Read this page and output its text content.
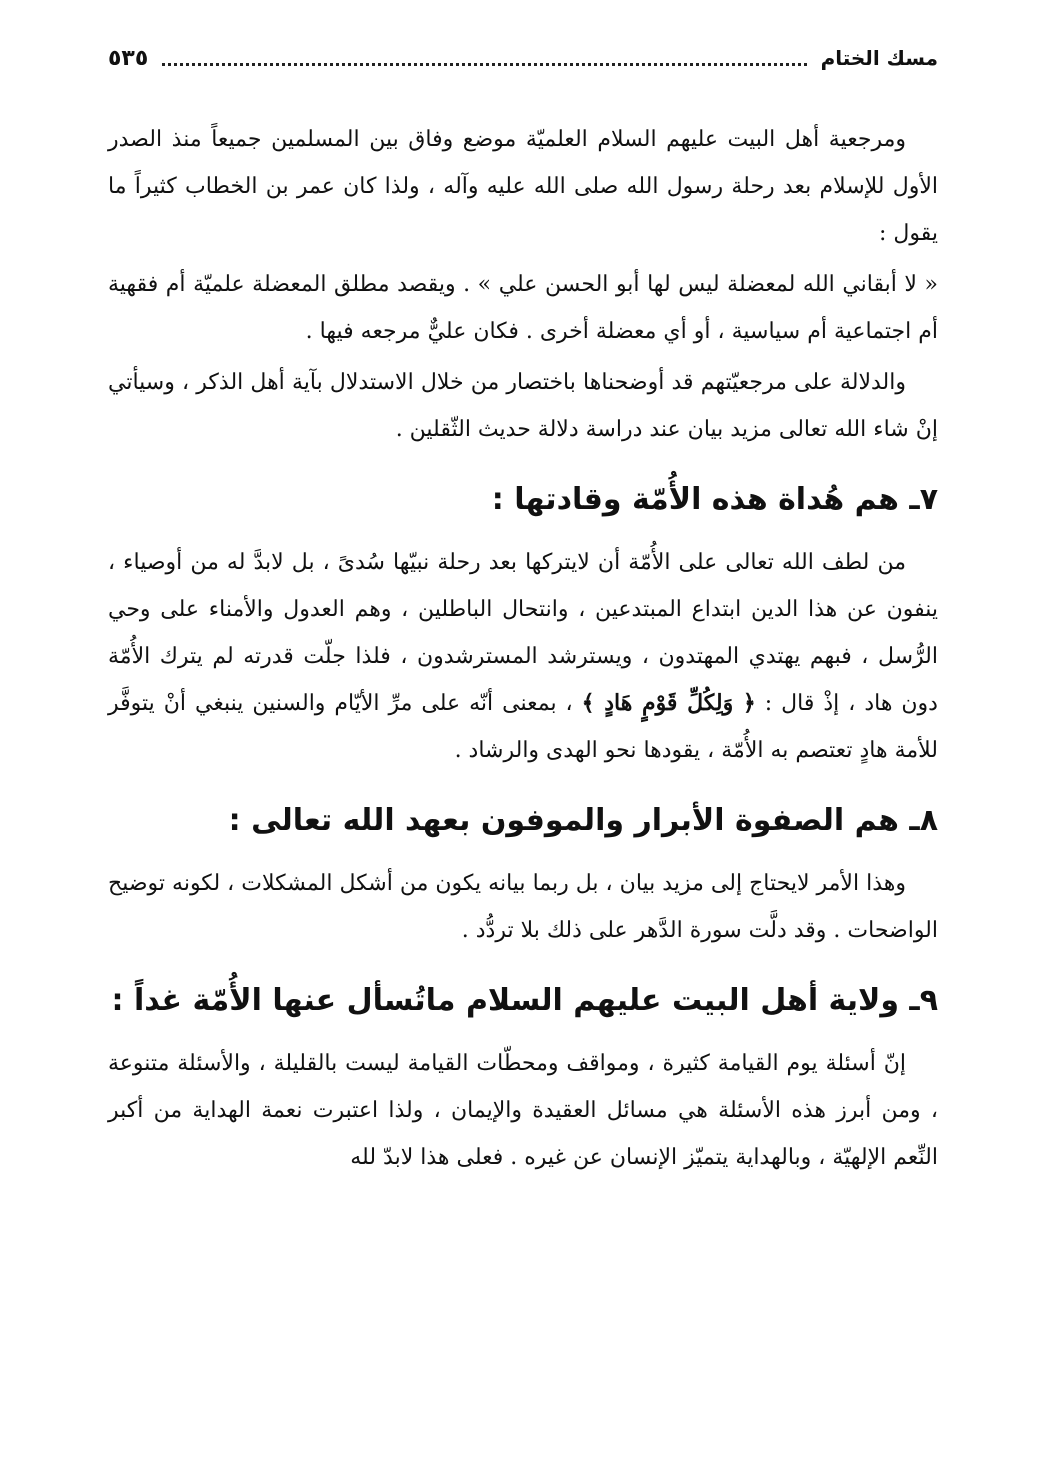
مسك الختام
٥٣٥

ومرجعية أهل البيت عليهم السلام العلميّة موضع وفاق بين المسلمين جميعاً منذ الصدر الأول للإسلام بعد رحلة رسول الله صلى الله عليه وآله ، ولذا كان عمر بن الخطاب كثيراً ما يقول :

« لا أبقاني الله لمعضلة ليس لها أبو الحسن علي » . ويقصد مطلق المعضلة علميّة أم فقهية أم اجتماعية أم سياسية ، أو أي معضلة أخرى . فكان عليٌّ مرجعه فيها .

والدلالة على مرجعيّتهم قد أوضحناها باختصار من خلال الاستدلال بآية أهل الذكر ، وسيأتي إنْ شاء الله تعالى مزيد بيان عند دراسة دلالة حديث الثّقلين .

٧ـ هم هُداة هذه الأُمّة وقادتها :

من لطف الله تعالى على الأُمّة أن لايتركها بعد رحلة نبيّها سُدىً ، بل لابدَّ له من أوصياء ، ينفون عن هذا الدين ابتداع المبتدعين ، وانتحال الباطلين ، وهم العدول والأمناء على وحي الرُّسل ، فبهم يهتدي المهتدون ، ويسترشد المسترشدون ، فلذا جلّت قدرته لم يترك الأُمّة دون هاد ، إذْ قال : ﴿ وَلِكُلِّ قَوْمٍ هَادٍ ﴾ ، بمعنى أنّه على مرِّ الأيّام والسنين ينبغي أنْ يتوفَّر للأمة هادٍ تعتصم به الأُمّة ، يقودها نحو الهدى والرشاد .

٨ـ هم الصفوة الأبرار والموفون بعهد الله تعالى :

وهذا الأمر لايحتاج إلى مزيد بيان ، بل ربما بيانه يكون من أشكل المشكلات ، لكونه توضيح الواضحات . وقد دلَّت سورة الدَّهر على ذلك بلا تردُّد .

٩ـ ولاية أهل البيت عليهم السلام ماتُسأل عنها الأُمّة غداً :

إنّ أسئلة يوم القيامة كثيرة ، ومواقف ومحطّات القيامة ليست بالقليلة ، والأسئلة متنوعة ، ومن أبرز هذه الأسئلة هي مسائل العقيدة والإيمان ، ولذا اعتبرت نعمة الهداية من أكبر النِّعم الإلهيّة ، وبالهداية يتميّز الإنسان عن غيره . فعلى هذا لابدّ لله
